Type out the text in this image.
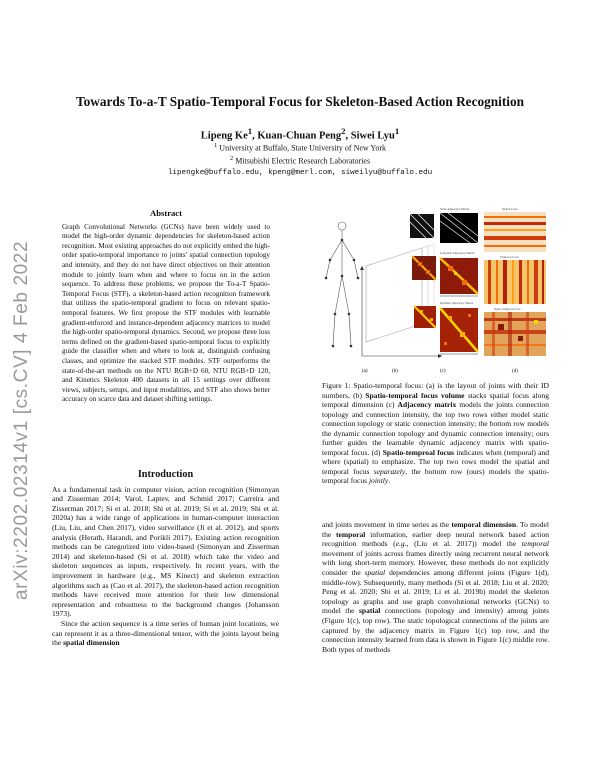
arXiv:2202.02314v1 [cs.CV] 4 Feb 2022
Towards To-a-T Spatio-Temporal Focus for Skeleton-Based Action Recognition
Lipeng Ke$^1$, Kuan-Chuan Peng$^2$, Siwei Lyu$^1$
$^1$ University at Buffalo, State University of New York
$^2$ Mitsubishi Electric Research Laboratories
lipengke@buffalo.edu, kpeng@merl.com, siweilyu@buffalo.edu
Abstract

Graph Convolutional Networks (GCNs) have been widely used to model the high-order dynamic dependencies for skeleton-based action recognition. Most existing approaches do not explicitly embed the high-order spatio-temporal importance to joints' spatial connection topology and intensity, and they do not have direct objectives on their attention module to jointly learn when and where to focus on in the action sequence. To address these problems, we propose the To-a-T Spatio-Temporal Focus (STF), a skeleton-based action recognition framework that utilizes the spatio-temporal gradient to focus on relevant spatio-temporal features. We first propose the STF modules with learnable gradient-enforced and instance-dependent adjacency matrices to model the high-order spatio-temporal dynamics. Second, we propose three loss terms defined on the gradient-based spatio-temporal focus to explicitly guide the classifier when and where to look at, distinguish confusing classes, and optimize the stacked STF modules. STF outperforms the state-of-the-art methods on the NTU RGB+D 60, NTU RGB+D 120, and Kinetics Skeleton 400 datasets in all 15 settings over different views, subjects, setups, and input modalities, and STF also shows better accuracy on scarce data and dataset shifting settings.

(a)	(b)	(c)	(d)
Static Adjacency Matrix
Learnable Adjacency Matrix
Dynamic Adjacency Matrix
Spatial focus
Temporal focus
Spatio-temporal focus
Figure 1: Spatio-temporal focus: (a) is the layout of joints with their ID numbers, (b) Spatio-temporal focus volume stacks spatial focus along temporal dimension (c) Adjacency matrix models the joints connection topology and connection intensity, the top two rows either model static connection topology or static connection intensity; the bottom row models the dynamic connection topology and dynamic connection intensity; ours further guides the learnable dynamic adjacency matrix with spatio-temporal focus. (d) Spatio-temproal focus indicates when (temporal) and where (spatial) to emphasize. The top two rows model the spatial and temporal focus separately, the bottom row (ours) models the spatio-temporal focus jointly.
Introduction

As a fundamental task in computer vision, action recognition (Simonyan and Zisserman 2014; Varol, Laptev, and Schmid 2017; Carreira and Zisserman 2017; Si et al. 2018; Shi et al. 2019; Si et al. 2019; Shi et al. 2020a) has a wide range of applications in human-computer interaction (Liu, Liu, and Chen 2017), video surveillance (Ji et al. 2012), and sports analysis (Herath, Harandi, and Porikli 2017). Existing action recognition methods can be categorized into video-based (Simonyan and Zisserman 2014) and skeleton-based (Si et al. 2018) which take the video and skeleton sequences as inputs, respectively. In recent years, with the improvement in hardware (e.g., MS Kinect) and skeleton extraction algorithms such as (Cao et al. 2017), the skeleton-based action recognition methods have received more attention for their low dimensional representation and robustness to the background changes (Johansson 1973).

Since the action sequence is a time series of human joint locations, we can represent it as a three-dimensional tensor, with the joints layout being the spatial dimension

and joints movement in time series as the temporal dimension. To model the temporal information, earlier deep neural network based action recognition methods (e.g., (Liu et al. 2017)) model the temporal movement of joints across frames directly using recurrent neural network with long short-term memory. However, these methods do not explicitly consider the spatial dependencies among different joints (Figure 1(d), middle-row). Subsequently, many methods (Si et al. 2018; Liu et al. 2020; Peng et al. 2020; Shi et al. 2019; Li et al. 2019b) model the skeleton topology as graphs and use graph convolutional networks (GCNs) to model the spatial connections (topology and intensity) among joints (Figure 1(c), top row). The static topological connections of the joints are captured by the adjacency matrix in Figure 1(c) top row, and the connection intensity learned from data is shown in Figure 1(c) middle row. Both types of methods
